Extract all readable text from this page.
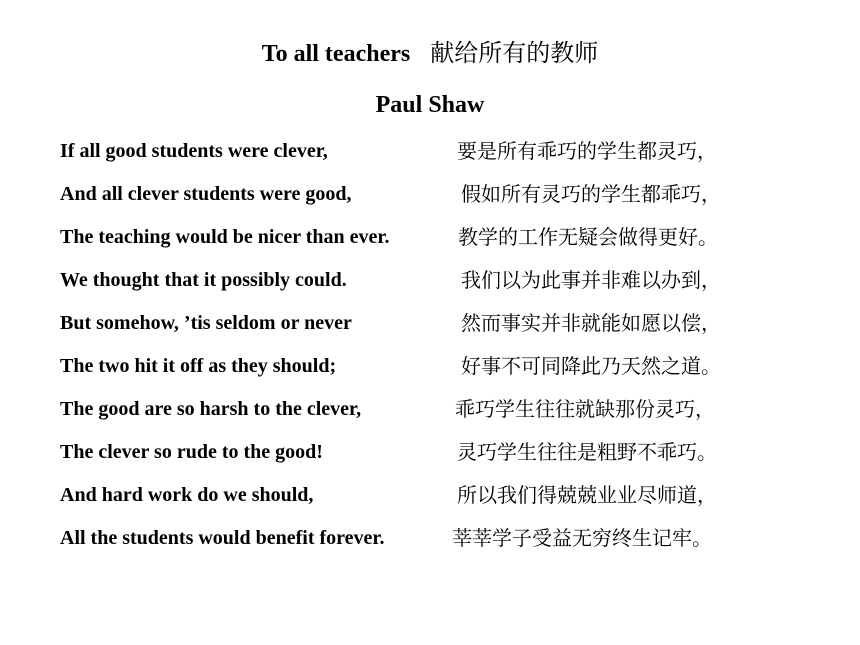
To all teachers 献给所有的教师
Paul Shaw
If all good students were clever,	要是所有乖巧的学生都灵巧，
And all clever students were good,	假如所有灵巧的学生都乖巧，
The teaching would be nicer than ever.	教学的工作无疑会做得更好。
We thought that it possibly could.	我们以为此事并非难以办到，
But somehow, ’tis seldom or never	然而事实并非就能如愿以偿，
The two hit it off as they should;	好事不可同降此乃天然之道。
The good are so harsh to the clever,	乖巧学生往往就缺那份灵巧，
The clever so rude to the good!	灵巧学生往往是粗野不乖巧。
And hard work do we should,	所以我们得兢兢业业尽师道，
All the students would benefit forever.	莘莘学子受益无穷终生记牢。
